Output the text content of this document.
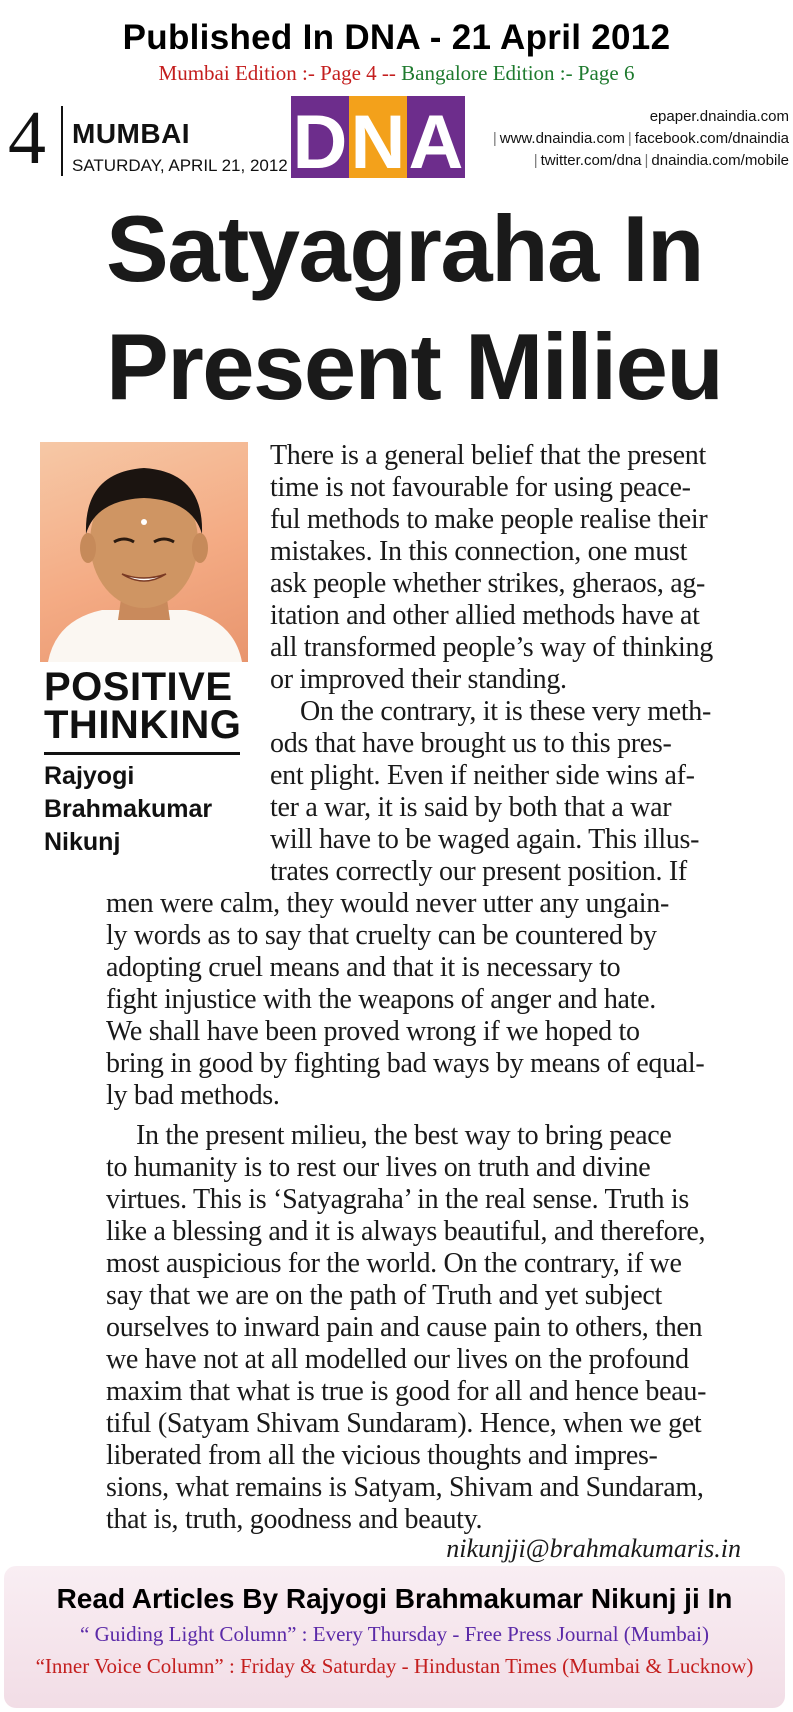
Published In DNA - 21 April 2012
Mumbai Edition :- Page 4 -- Bangalore Edition :- Page 6
4 MUMBAI
SATURDAY, APRIL 21, 2012 D N A	epaper.dnaindia.com
| www.dnaindia.com | facebook.com/dnaindia
| twitter.com/dna | dnaindia.com/mobile
Satyagraha In
Present Milieu
POSITIVE
THINKING
Rajyogi
Brahmakumar
Nikunj
There is a general belief that the present
time is not favourable for using peace-
ful methods to make people realise their
mistakes. In this connection, one must
ask people whether strikes, gheraos, ag-
itation and other allied methods have at
all transformed people’s way of thinking
or improved their standing.
On the contrary, it is these very meth-
ods that have brought us to this pres-
ent plight. Even if neither side wins af-
ter a war, it is said by both that a war
will have to be waged again. This illus-
trates correctly our present position. If
men were calm, they would never utter any ungain-
ly words as to say that cruelty can be countered by
adopting cruel means and that it is necessary to
fight injustice with the weapons of anger and hate.
We shall have been proved wrong if we hoped to
bring in good by fighting bad ways by means of equal-
ly bad methods.
In the present milieu, the best way to bring peace
to humanity is to rest our lives on truth and divine
virtues. This is ‘Satyagraha’ in the real sense. Truth is
like a blessing and it is always beautiful, and therefore,
most auspicious for the world. On the contrary, if we
say that we are on the path of Truth and yet subject
ourselves to inward pain and cause pain to others, then
we have not at all modelled our lives on the profound
maxim that what is true is good for all and hence beau-
tiful (Satyam Shivam Sundaram). Hence, when we get
liberated from all the vicious thoughts and impres-
sions, what remains is Satyam, Shivam and Sundaram,
that is, truth, goodness and beauty.
nikunjji@brahmakumaris.in
Read Articles By Rajyogi Brahmakumar Nikunj ji In
“ Guiding Light Column” : Every Thursday - Free Press Journal (Mumbai)
“Inner Voice Column” : Friday & Saturday - Hindustan Times (Mumbai & Lucknow)
